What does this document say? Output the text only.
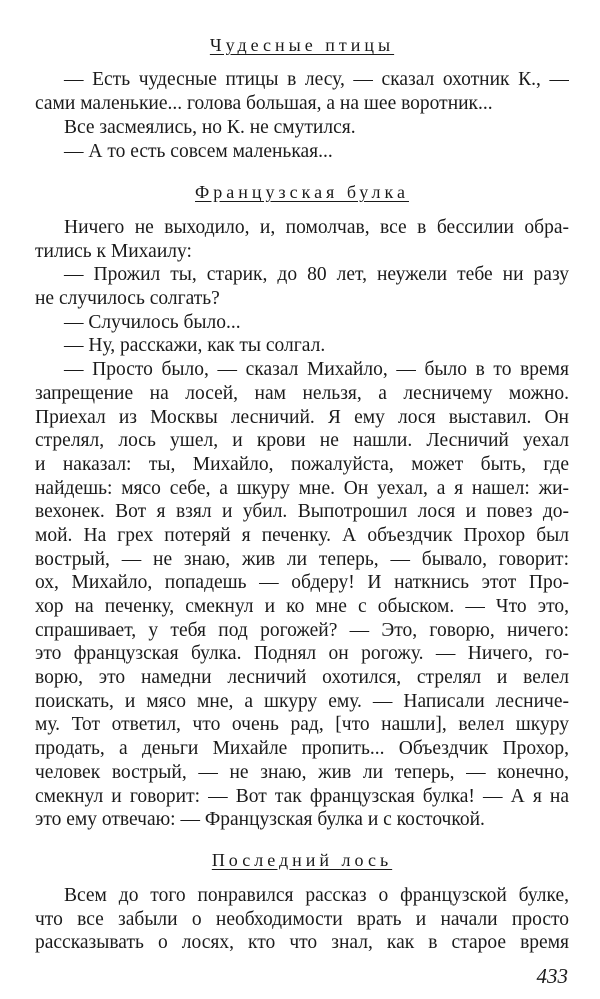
Чудесные птицы
— Есть чудесные птицы в лесу, — сказал охотник К., —
сами маленькие... голова большая, а на шее воротник...
Все засмеялись, но К. не смутился.
— А то есть совсем маленькая...
Французская булка
Ничего не выходило, и, помолчав, все в бессилии обра-
тились к Михаилу:
— Прожил ты, старик, до 80 лет, неужели тебе ни разу
не случилось солгать?
— Случилось было...
— Ну, расскажи, как ты солгал.
— Просто было, — сказал Михайло, — было в то время
запрещение на лосей, нам нельзя, а лесничему можно.
Приехал из Москвы лесничий. Я ему лося выставил. Он
стрелял, лось ушел, и крови не нашли. Лесничий уехал
и наказал: ты, Михайло, пожалуйста, может быть, где
найдешь: мясо себе, а шкуру мне. Он уехал, а я нашел: жи-
вехонек. Вот я взял и убил. Выпотрошил лося и повез до-
мой. На грех потеряй я печенку. А объездчик Прохор был
вострый, — не знаю, жив ли теперь, — бывало, говорит:
ох, Михайло, попадешь — обдеру! И наткнись этот Про-
хор на печенку, смекнул и ко мне с обыском. — Что это,
спрашивает, у тебя под рогожей? — Это, говорю, ничего:
это французская булка. Поднял он рогожу. — Ничего, го-
ворю, это намедни лесничий охотился, стрелял и велел
поискать, и мясо мне, а шкуру ему. — Написали лесниче-
му. Тот ответил, что очень рад, [что нашли], велел шкуру
продать, а деньги Михайле пропить... Объездчик Прохор,
человек вострый, — не знаю, жив ли теперь, — конечно,
смекнул и говорит: — Вот так французская булка! — А я на
это ему отвечаю: — Французская булка и с косточкой.
Последний лось
Всем до того понравился рассказ о французской булке,
что все забыли о необходимости врать и начали просто
рассказывать о лосях, кто что знал, как в старое время
433
